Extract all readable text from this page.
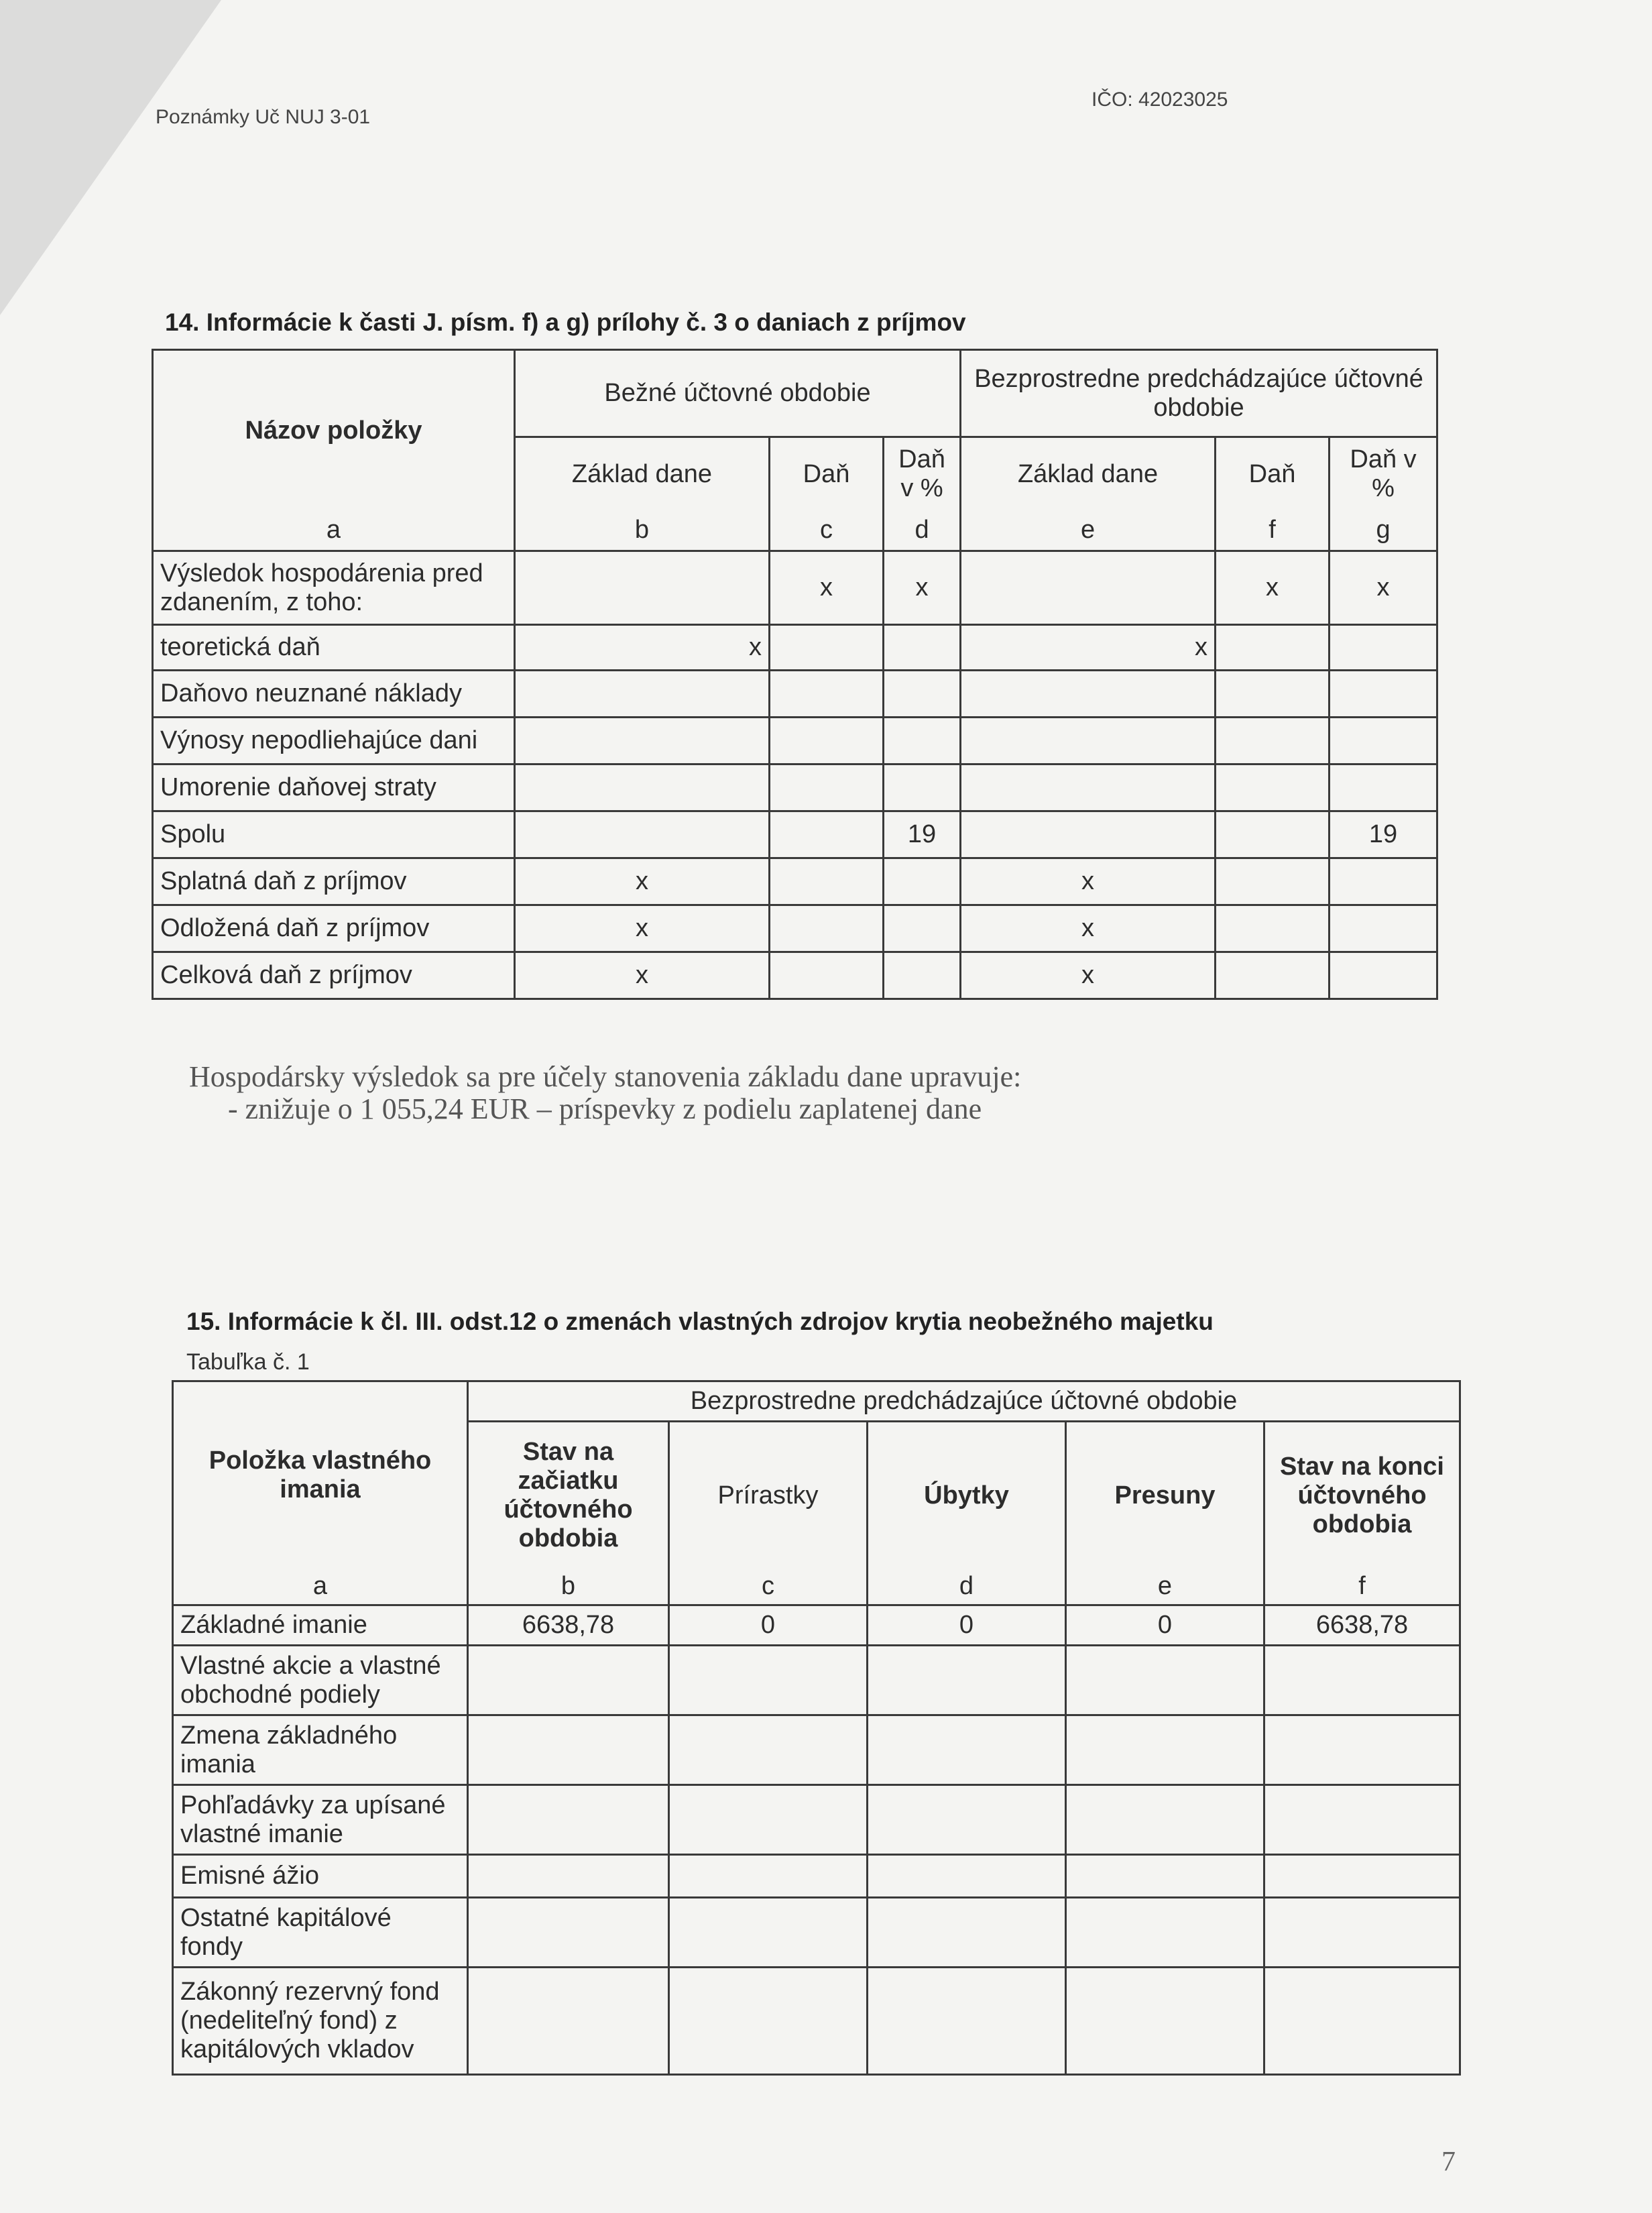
Poznámky Uč NUJ 3-01
IČO: 42023025
14. Informácie k časti J. písm. f) a g) prílohy č. 3 o daniach z príjmov
Názov položky	Bežné účtovné obdobie			Bezprostredne predchádzajúce účtovné obdobie		
	Základ dane	Daň	Daň v %	Základ dane	Daň	Daň v %
a	b	c	d	e	f	g
Výsledok hospodárenia pred zdanením, z toho:		x	x		x	x
teoretická daň	x			x		
Daňovo neuznané náklady						
Výnosy nepodliehajúce dani						
Umorenie daňovej straty						
Spolu			19			19
Splatná daň z príjmov	x			x		
Odložená daň z príjmov	x			x		
Celková daň z príjmov	x			x		
Hospodársky výsledok sa pre účely stanovenia základu dane upravuje:
- znižuje o 1 055,24 EUR – príspevky z podielu zaplatenej dane
15. Informácie k čl. III. odst.12 o zmenách vlastných zdrojov krytia neobežného majetku
Tabuľka č. 1
Položka vlastného imania	Bezprostredne predchádzajúce účtovné obdobie				
	Stav na začiatku účtovného obdobia	Prírastky	Úbytky	Presuny	Stav na konci účtovného obdobia
a	b	c	d	e	f
Základné imanie	6638,78	0	0	0	6638,78
Vlastné akcie a vlastné obchodné podiely					
Zmena základného imania					
Pohľadávky za upísané vlastné imanie					
Emisné ážio					
Ostatné kapitálové fondy					
Zákonný rezervný fond (nedeliteľný fond) z kapitálových vkladov					
7
